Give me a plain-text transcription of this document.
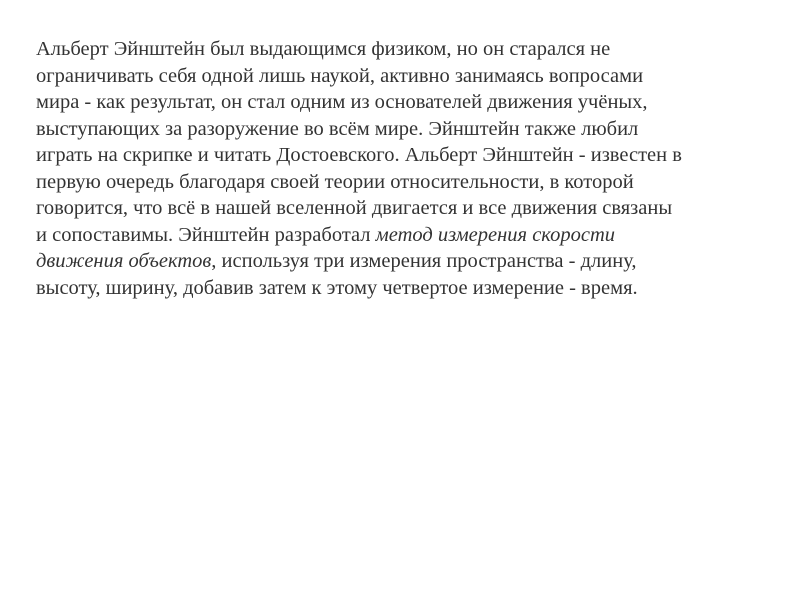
Альберт Эйнштейн был выдающимся физиком, но он старался не
ограничивать себя одной лишь наукой, активно занимаясь вопросами
мира - как результат, он стал одним из основателей движения учёных,
выступающих за разоружение во всём мире. Эйнштейн также любил
играть на скрипке и читать Достоевского. Альберт Эйнштейн - известен в
первую очередь благодаря своей теории относительности, в которой
говорится, что всё в нашей вселенной двигается и все движения связаны
и сопоставимы. Эйнштейн разработал метод измерения скорости
движения объектов, используя три измерения пространства - длину,
высоту, ширину, добавив затем к этому четвертое измерение - время.
